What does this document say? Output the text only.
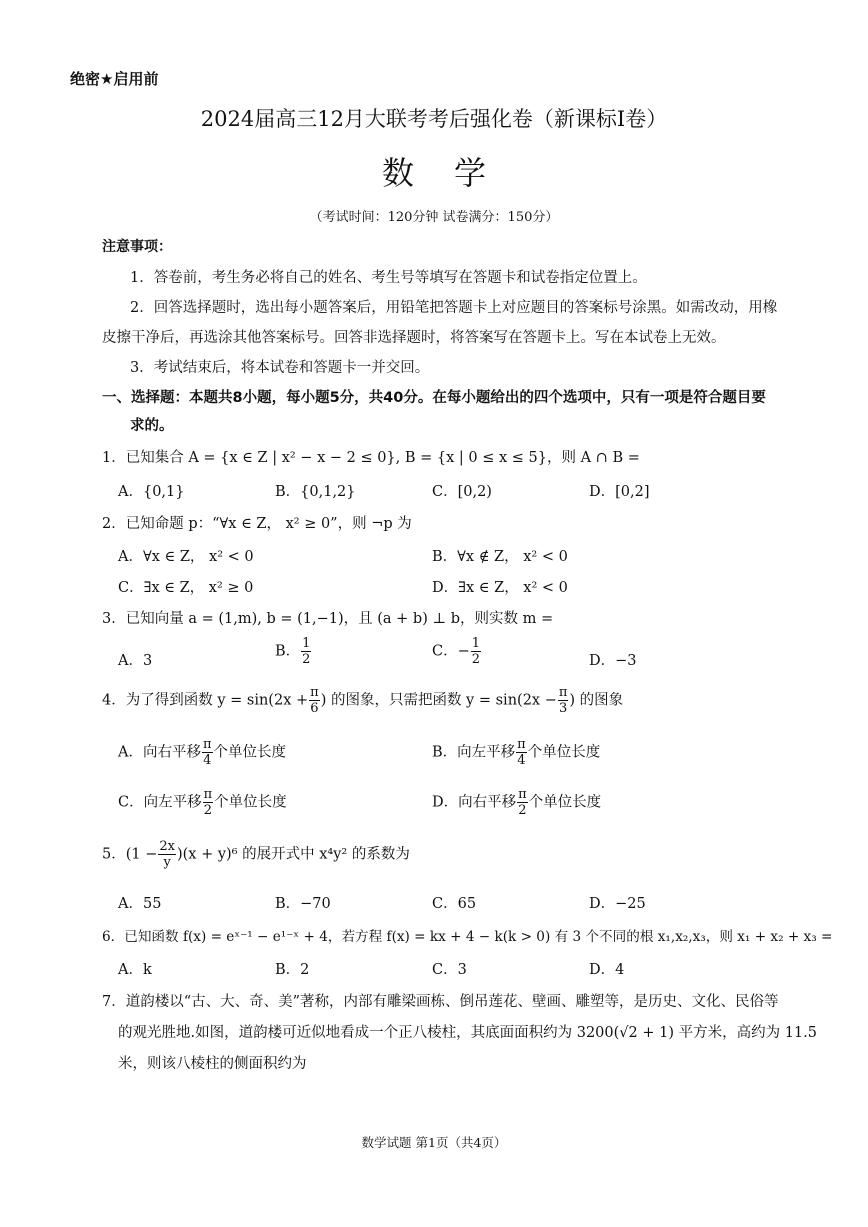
绝密★启用前
2024届高三12月大联考考后强化卷（新课标I卷）
数学
（考试时间：120分钟 试卷满分：150分）
注意事项：
1．答卷前，考生务必将自己的姓名、考生号等填写在答题卡和试卷指定位置上。
2．回答选择题时，选出每小题答案后，用铅笔把答题卡上对应题目的答案标号涂黑。如需改动，用橡
皮擦干净后，再选涂其他答案标号。回答非选择题时，将答案写在答题卡上。写在本试卷上无效。
3．考试结束后，将本试卷和答题卡一并交回。
一、选择题：本题共8小题，每小题5分，共40分。在每小题给出的四个选项中，只有一项是符合题目要
求的。
1．已知集合 A = {x ∈ Z | x² − x − 2 ≤ 0}, B = {x | 0 ≤ x ≤ 5}，则 A ∩ B =
A．{0,1}	B．{0,1,2}	C．[0,2)	D．[0,2]
2．已知命题 p：“∀x ∈ Z， x² ≥ 0”，则 ¬p 为
A．∀x ∈ Z， x² < 0	B．∀x ∉ Z， x² < 0
C．∃x ∈ Z， x² ≥ 0	D．∃x ∈ Z， x² < 0
3．已知向量 a = (1,m), b = (1,−1)，且 (a + b) ⊥ b，则实数 m =
A．3
B． $\frac{1}{2}$	C．− $\frac{1}{2}$	D．−3
4．为了得到函数 $y = \sin(2x + \frac{\pi}{6}$ ) 的图象，只需把函数 $y = \sin(2x - \frac{\pi}{3}$ ) 的图象
A．向右平移 $\frac{\pi}{4}$ 个单位长度	B．向左平移 $\frac{\pi}{4}$ 个单位长度
C．向左平移 $\frac{\pi}{2}$ 个单位长度	D．向右平移 $\frac{\pi}{2}$ 个单位长度
5．$(1 - \frac{2x}{y} )(x + y)^6$ 的展开式中 x⁴y² 的系数为
A．55	B．−70	C．65	D．−25
6．已知函数 f(x) = eˣ⁻¹ − e¹⁻ˣ + 4，若方程 f(x) = kx + 4 − k(k > 0) 有 3 个不同的根 x₁,x₂,x₃，则 x₁ + x₂ + x₃ =
A．k	B．2	C．3	D．4
7．道韵楼以“古、大、奇、美”著称，内部有雕梁画栋、倒吊莲花、壁画、雕塑等，是历史、文化、民俗等
的观光胜地.如图，道韵楼可近似地看成一个正八棱柱，其底面面积约为 3200(√2 + 1) 平方米，高约为 11.5
米，则该八棱柱的侧面积约为
数学试题 第1页（共4页）
